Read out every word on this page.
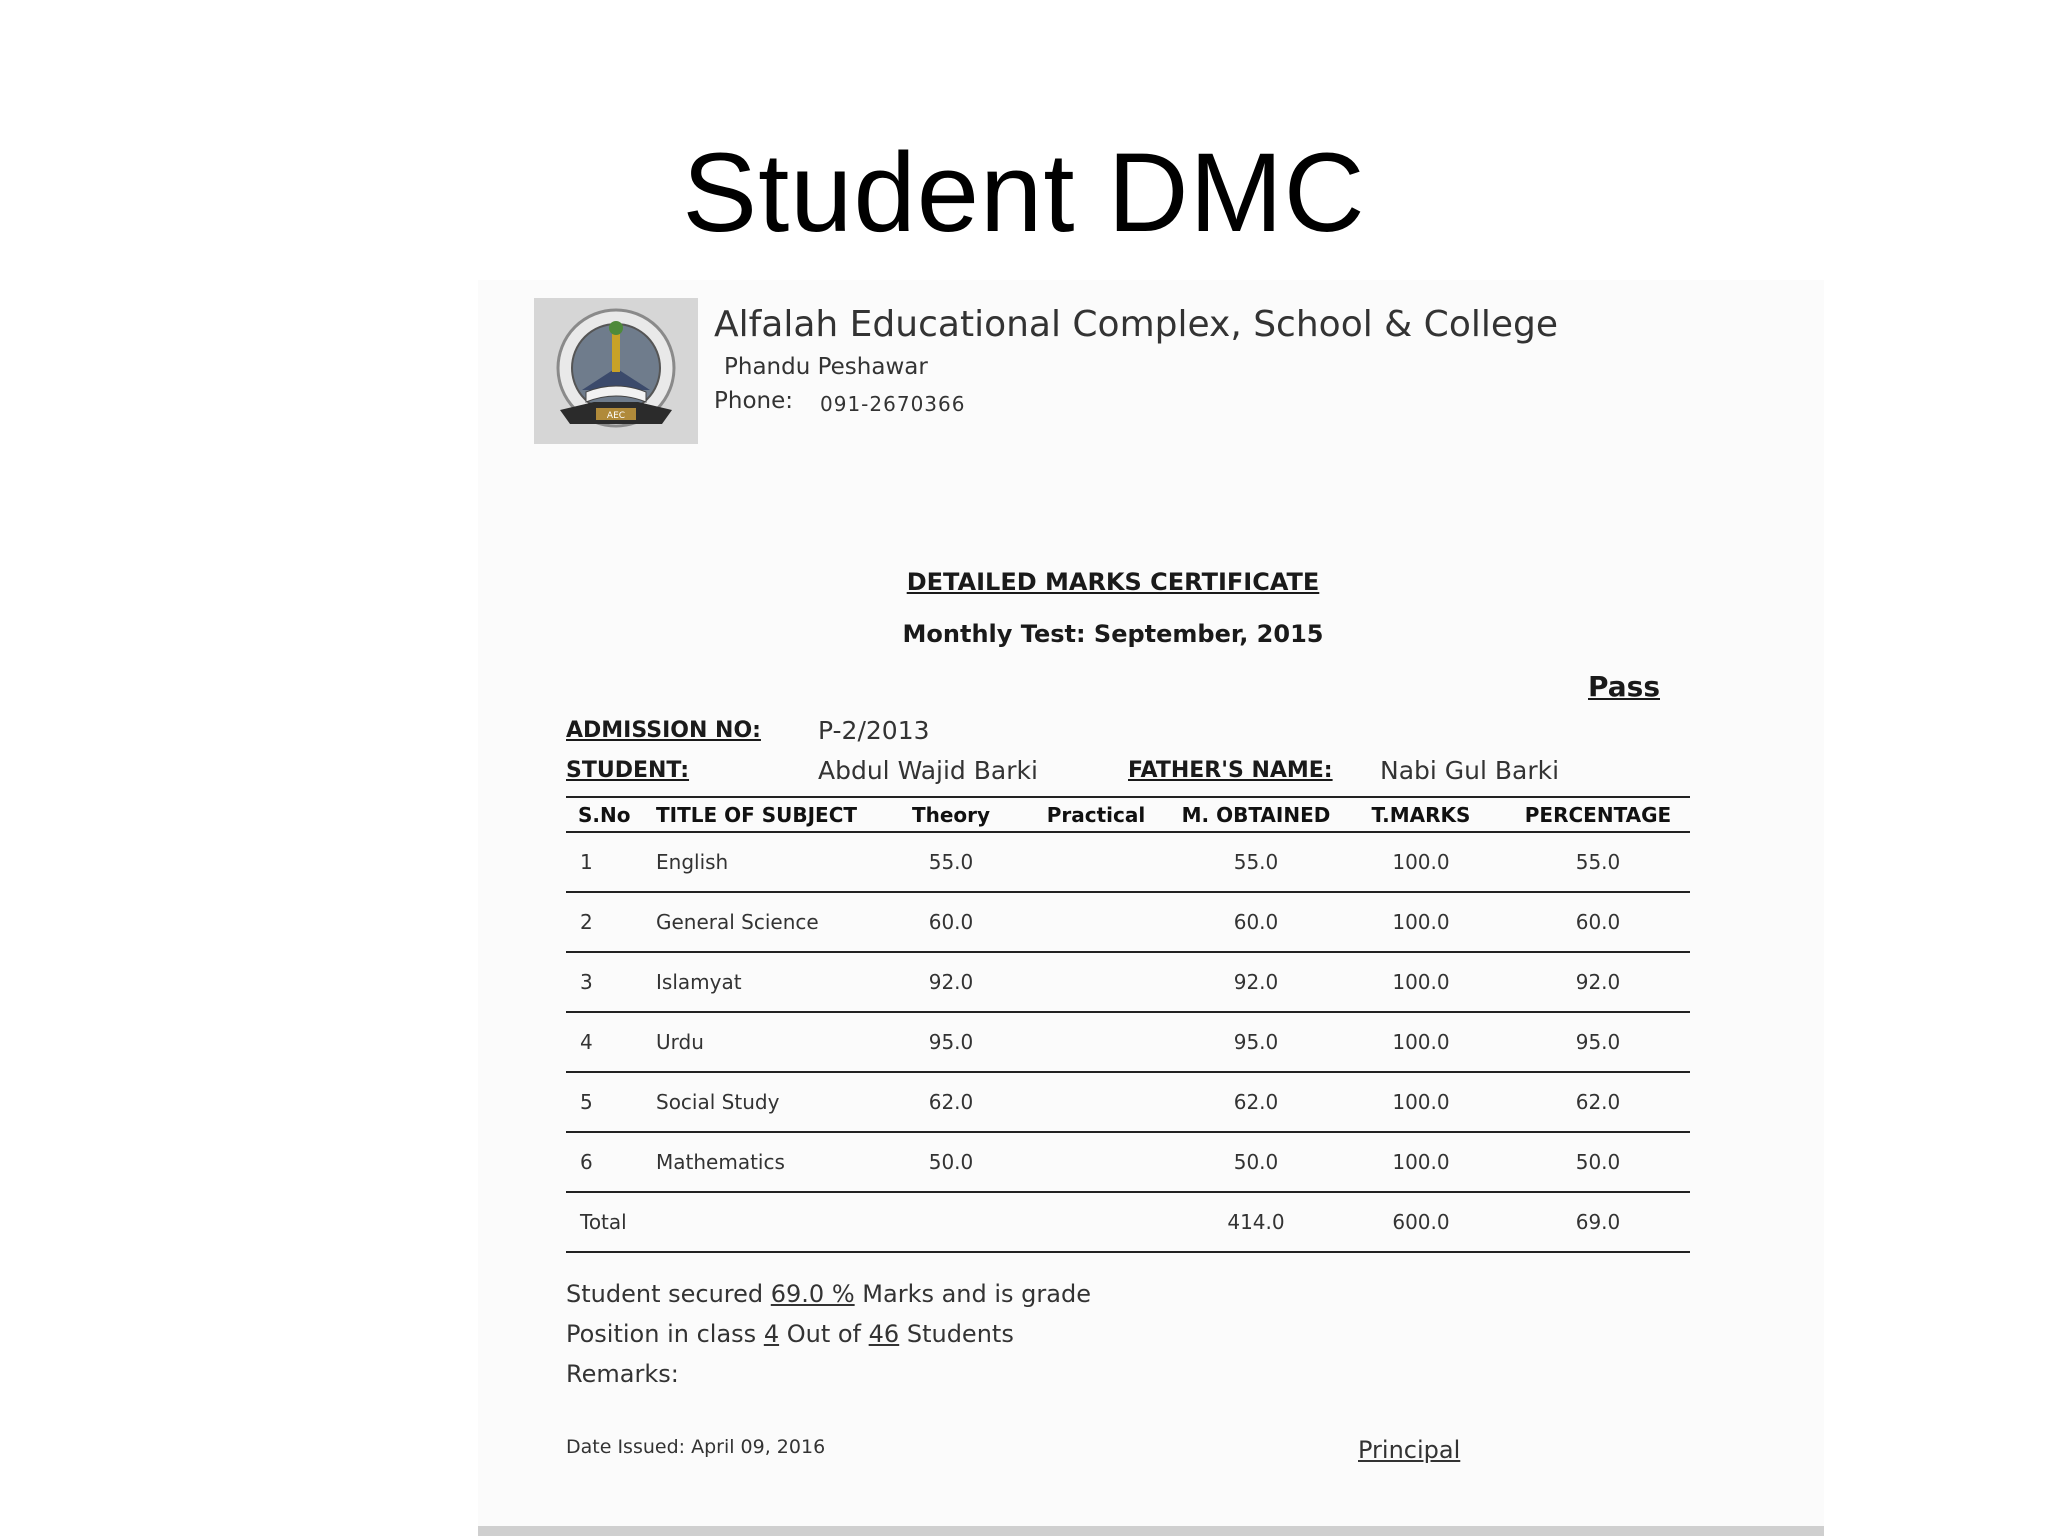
Student DMC
AEC
Alfalah Educational Complex, School & College
Phandu Peshawar
Phone: 091-2670366
DETAILED MARKS CERTIFICATE
Monthly Test: September, 2015
Pass
ADMISSION NO: P-2/2013
STUDENT:	Abdul Wajid Barki	FATHER'S NAME: Nabi Gul Barki
S.No	TITLE OF SUBJECT	Theory	Practical	M. OBTAINED	T.MARKS	PERCENTAGE
1	English	55.0		55.0	100.0	55.0
2	General Science	60.0		60.0	100.0	60.0
3	Islamyat	92.0		92.0	100.0	92.0
4	Urdu	95.0		95.0	100.0	95.0
5	Social Study	62.0		62.0	100.0	62.0
6	Mathematics	50.0		50.0	100.0	50.0
Total				414.0	600.0	69.0
Student secured 69.0 % Marks and is grade
Position in class 4 Out of 46 Students
Remarks:
Date Issued: April 09, 2016	Principal
